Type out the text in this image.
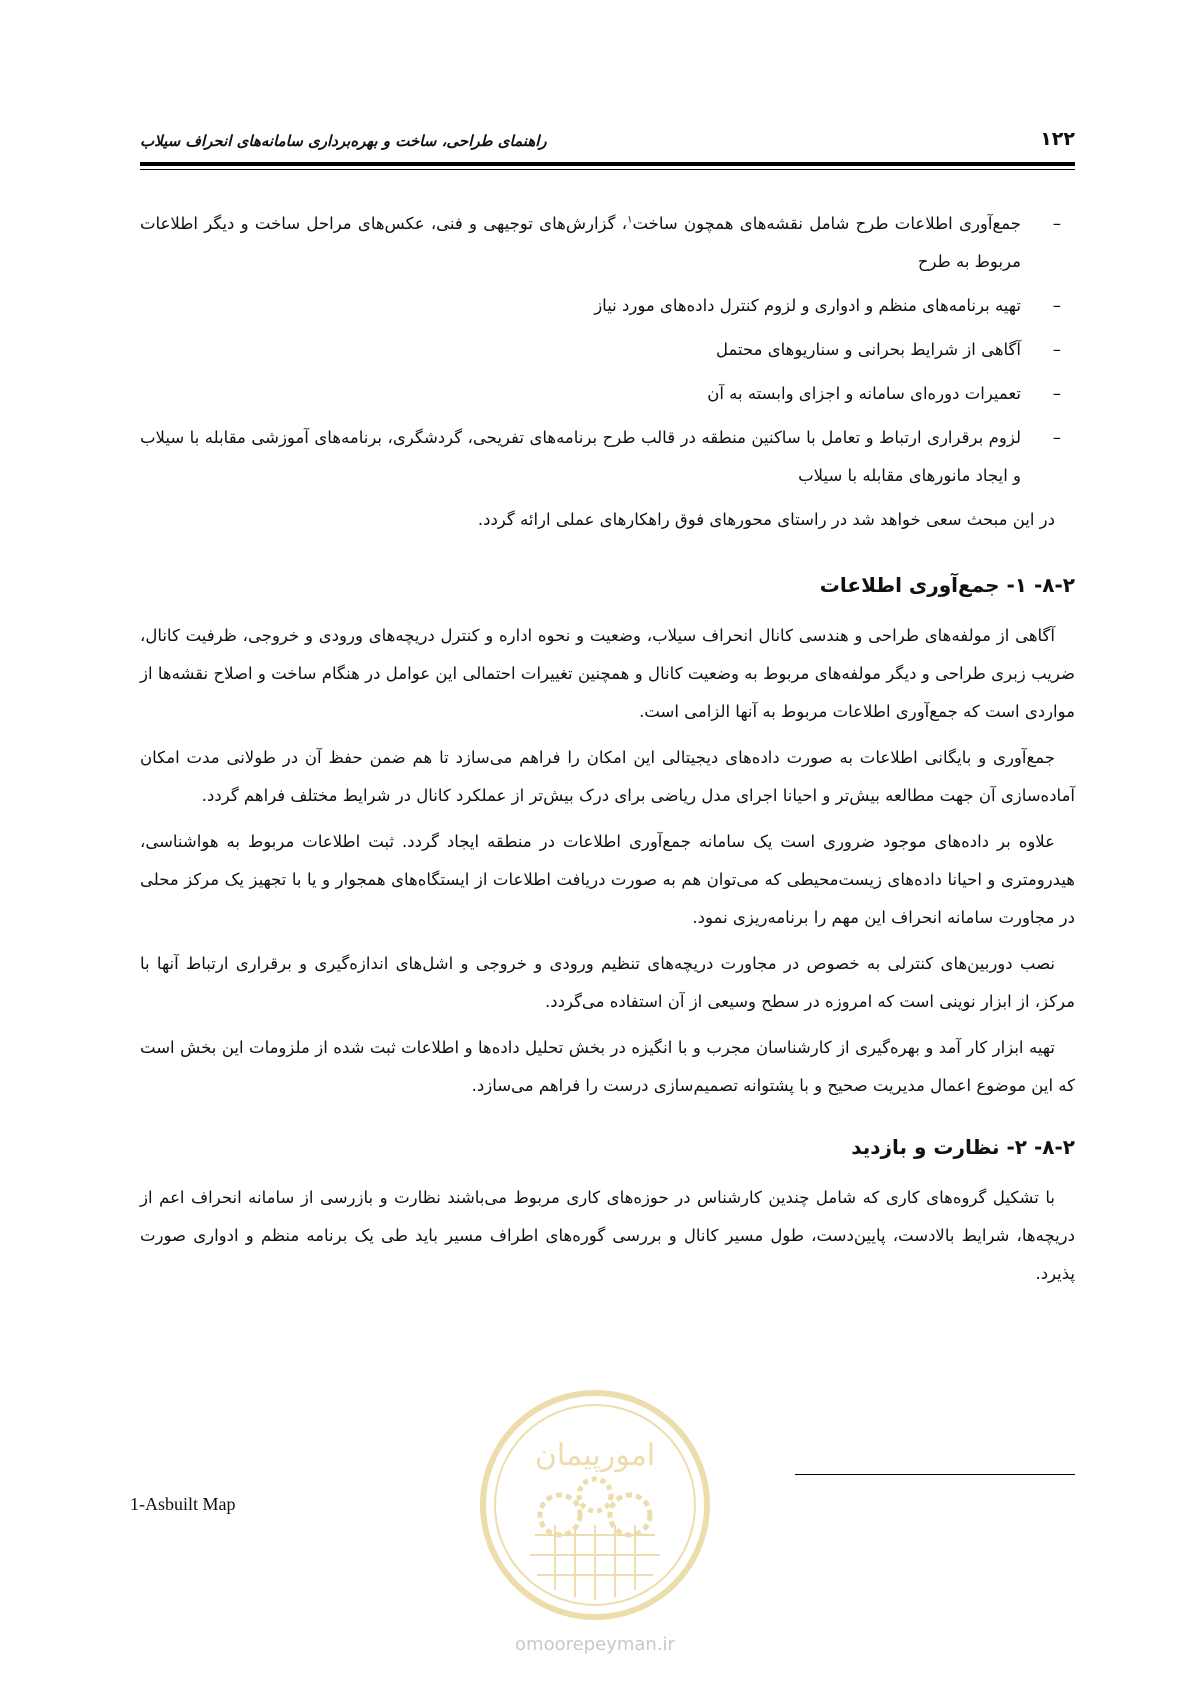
۱۲۲
راهنمای طراحی، ساخت و بهره‌برداری سامانه‌های انحراف سیلاب
–
جمع‌آوری اطلاعات طرح شامل نقشه‌های همچون ساخت$^۱$، گزارش‌های توجیهی و فنی، عکس‌های مراحل ساخت و دیگر اطلاعات مربوط به طرح
–
تهیه برنامه‌های منظم و ادواری و لزوم کنترل داده‌های مورد نیاز
–
آگاهی از شرایط بحرانی و سناریوهای محتمل
–
تعمیرات دوره‌ای سامانه و اجزای وابسته به آن
–
لزوم برقراری ارتباط و تعامل با ساکنین منطقه در قالب طرح برنامه‌های تفریحی، گردشگری، برنامه‌های آموزشی مقابله با سیلاب و ایجاد مانورهای مقابله با سیلاب

در این مبحث سعی خواهد شد در راستای محورهای فوق راهکارهای عملی ارائه گردد.

۸-۲- ۱- جمع‌آوری اطلاعات

آگاهی از مولفه‌های طراحی و هندسی کانال انحراف سیلاب، وضعیت و نحوه اداره و کنترل دریچه‌های ورودی و خروجی، ظرفیت کانال، ضریب زبری طراحی و دیگر مولفه‌های مربوط به وضعیت کانال و همچنین تغییرات احتمالی این عوامل در هنگام ساخت و اصلاح نقشه‌ها از مواردی است که جمع‌آوری اطلاعات مربوط به آنها الزامی است.

جمع‌آوری و بایگانی اطلاعات به صورت داده‌های دیجیتالی این امکان را فراهم می‌سازد تا هم ضمن حفظ آن در طولانی مدت امکان آماده‌سازی آن جهت مطالعه بیش‌تر و احیانا اجرای مدل ریاضی برای درک بیش‌تر از عملکرد کانال در شرایط مختلف فراهم گردد.

علاوه بر داده‌های موجود ضروری است یک سامانه جمع‌آوری اطلاعات در منطقه ایجاد گردد. ثبت اطلاعات مربوط به هواشناسی، هیدرومتری و احیانا داده‌های زیست‌محیطی که می‌توان هم به صورت دریافت اطلاعات از ایستگاه‌های همجوار و یا با تجهیز یک مرکز محلی در مجاورت سامانه انحراف این مهم را برنامه‌ریزی نمود.

نصب دوربین‌های کنترلی به خصوص در مجاورت دریچه‌های تنظیم ورودی و خروجی و اشل‌های اندازه‌گیری و برقراری ارتباط آنها با مرکز، از ابزار نوینی است که امروزه در سطح وسیعی از آن استفاده می‌گردد.

تهیه ابزار کار آمد و بهره‌گیری از کارشناسان مجرب و با انگیزه در بخش تحلیل داده‌ها و اطلاعات ثبت شده از ملزومات این بخش است که این موضوع اعمال مدیریت صحیح و با پشتوانه تصمیم‌سازی درست را فراهم می‌سازد.

۸-۲- ۲- نظارت و بازدید

با تشکیل گروه‌های کاری که شامل چندین کارشناس در حوزه‌های کاری مربوط می‌باشند نظارت و بازرسی از سامانه انحراف اعم از دریچه‌ها، شرایط بالادست، پایین‌دست، طول مسیر کانال و بررسی گوره‌های اطراف مسیر باید طی یک برنامه منظم و ادواری صورت پذیرد.

1-Asbuilt Map
امورپیمان
omoorepeyman.ir
